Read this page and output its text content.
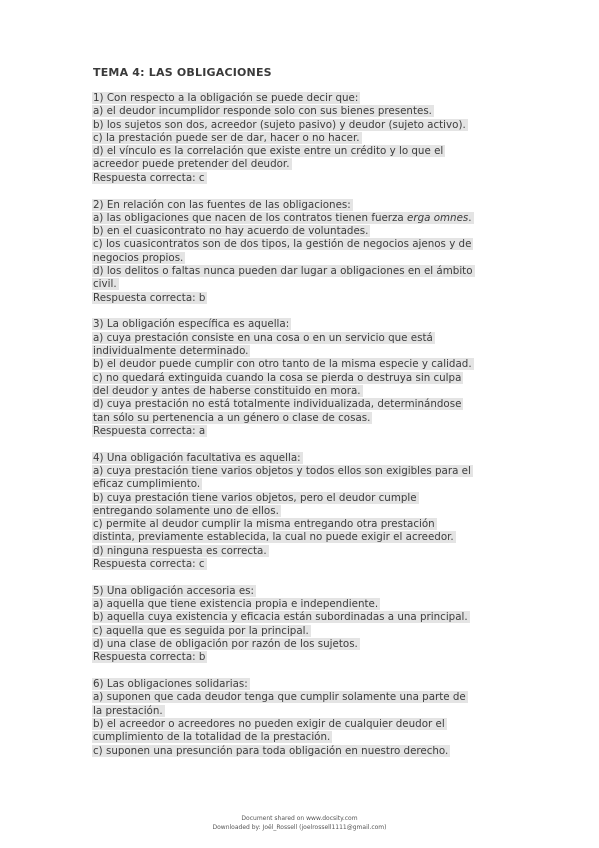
TEMA 4: LAS OBLIGACIONES
1) Con respecto a la obligación se puede decir que:
a) el deudor incumplidor responde solo con sus bienes presentes.
b) los sujetos son dos, acreedor (sujeto pasivo) y deudor (sujeto activo).
c) la prestación puede ser de dar, hacer o no hacer.
d) el vínculo es la correlación que existe entre un crédito y lo que el
acreedor puede pretender del deudor.
Respuesta correcta: c
2) En relación con las fuentes de las obligaciones:
a) las obligaciones que nacen de los contratos tienen fuerza erga omnes.
b) en el cuasicontrato no hay acuerdo de voluntades.
c) los cuasicontratos son de dos tipos, la gestión de negocios ajenos y de
negocios propios.
d) los delitos o faltas nunca pueden dar lugar a obligaciones en el ámbito
civil.
Respuesta correcta: b
3) La obligación específica es aquella:
a) cuya prestación consiste en una cosa o en un servicio que está
individualmente determinado.
b) el deudor puede cumplir con otro tanto de la misma especie y calidad.
c) no quedará extinguida cuando la cosa se pierda o destruya sin culpa
del deudor y antes de haberse constituido en mora.
d) cuya prestación no está totalmente individualizada, determinándose
tan sólo su pertenencia a un género o clase de cosas.
Respuesta correcta: a
4) Una obligación facultativa es aquella:
a) cuya prestación tiene varios objetos y todos ellos son exigibles para el
eficaz cumplimiento.
b) cuya prestación tiene varios objetos, pero el deudor cumple
entregando solamente uno de ellos.
c) permite al deudor cumplir la misma entregando otra prestación
distinta, previamente establecida, la cual no puede exigir el acreedor.
d) ninguna respuesta es correcta.
Respuesta correcta: c
5) Una obligación accesoria es:
a) aquella que tiene existencia propia e independiente.
b) aquella cuya existencia y eficacia están subordinadas a una principal.
c) aquella que es seguida por la principal.
d) una clase de obligación por razón de los sujetos.
Respuesta correcta: b
6) Las obligaciones solidarias:
a) suponen que cada deudor tenga que cumplir solamente una parte de
la prestación.
b) el acreedor o acreedores no pueden exigir de cualquier deudor el
cumplimiento de la totalidad de la prestación.
c) suponen una presunción para toda obligación en nuestro derecho.
Document shared on www.docsity.com
Downloaded by: Joël_Rossell (joelrossell1111@gmail.com)
